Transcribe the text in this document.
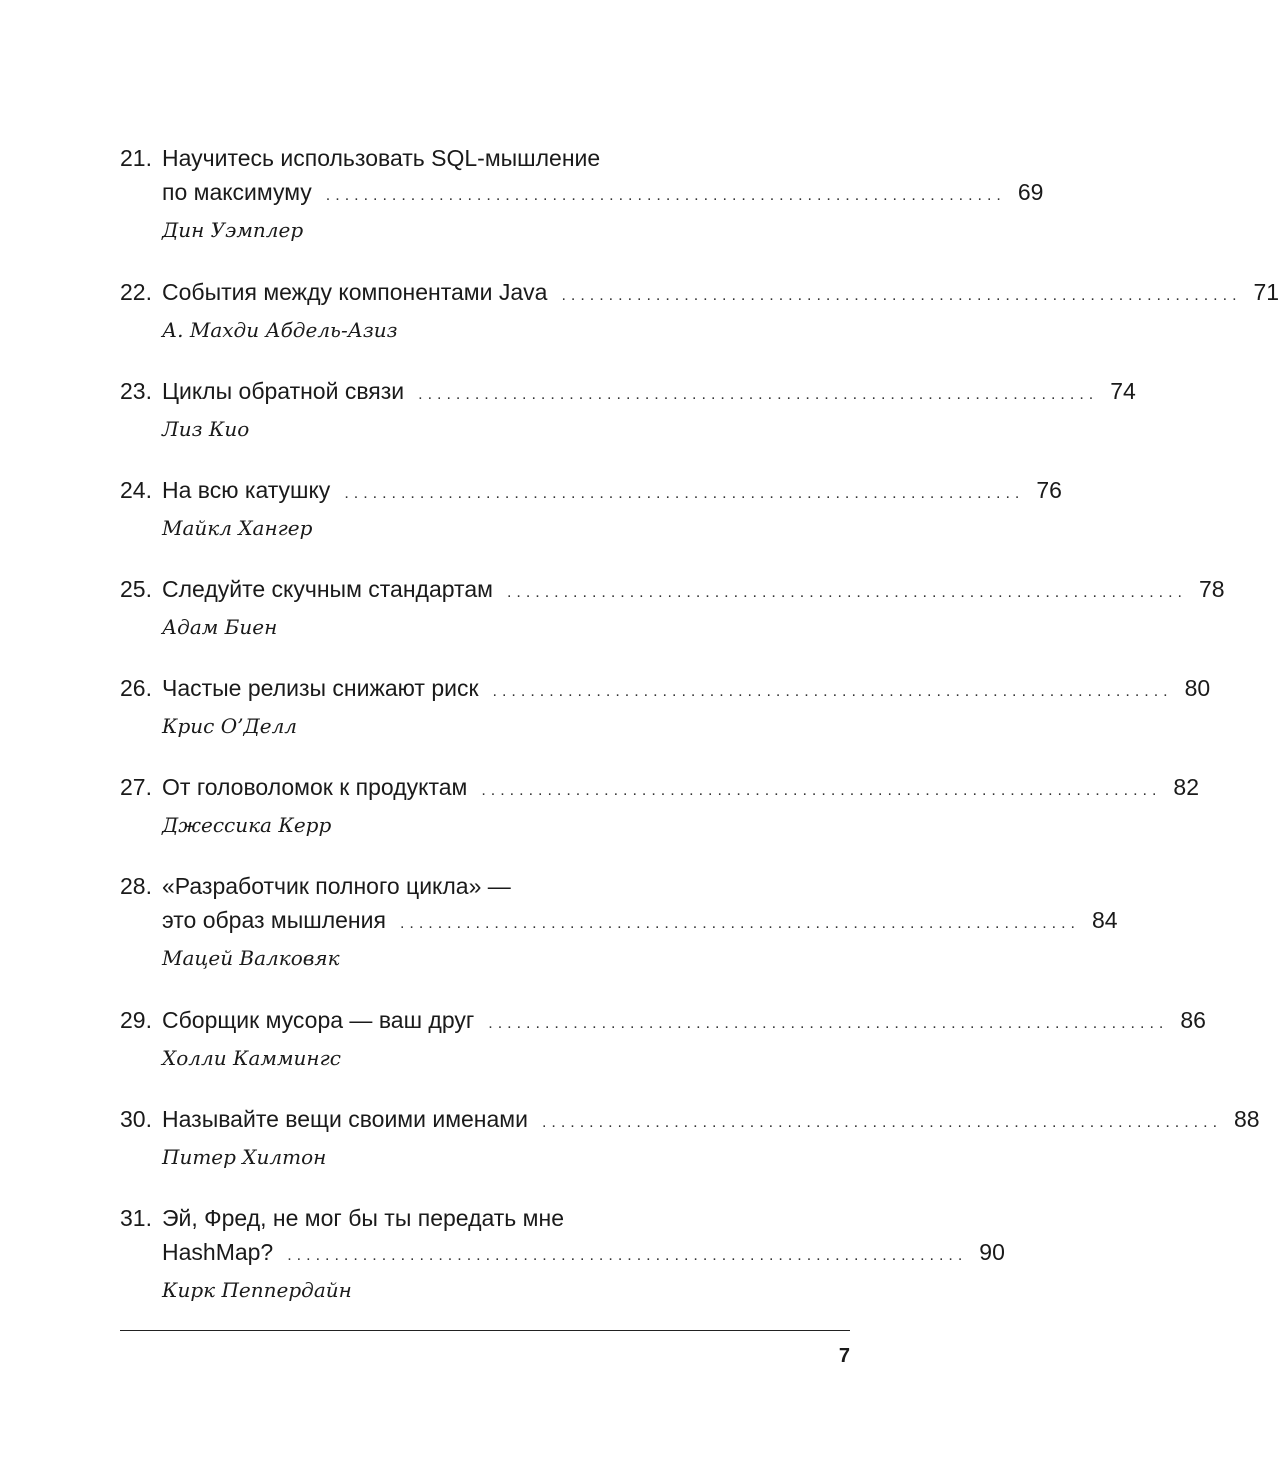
21. Научитесь использовать SQL-мышление
по максимуму ........................................................................ 69
Дин Уэмплер
22. События между компонентами Java ........................................................................ 71
А. Махди Абдель-Азиз
23. Циклы обратной связи ........................................................................ 74
Лиз Кио
24. На всю катушку ........................................................................ 76
Майкл Хангер
25. Следуйте скучным стандартам ........................................................................ 78
Адам Биен
26. Частые релизы снижают риск ........................................................................ 80
Крис О’Делл
27. От головоломок к продуктам ........................................................................ 82
Джессика Керр
28. «Разработчик полного цикла» —
это образ мышления ........................................................................ 84
Мацей Валковяк
29. Сборщик мусора — ваш друг ........................................................................ 86
Холли Каммингс
30. Называйте вещи своими именами ........................................................................ 88
Питер Хилтон
31. Эй, Фред, не мог бы ты передать мне
HashMap? ........................................................................ 90
Кирк Пеппердайн
7
